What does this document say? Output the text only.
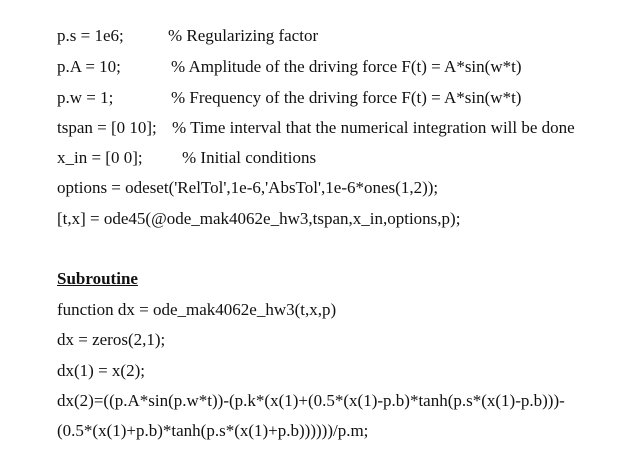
p.s = 1e6;	% Regularizing factor
p.A = 10;	% Amplitude of the driving force F(t) = A*sin(w*t)
p.w = 1;	% Frequency of the driving force F(t) = A*sin(w*t)
tspan = [0 10]; % Time interval that the numerical integration will be done
x_in = [0 0]; % Initial conditions
options = odeset('RelTol',1e-6,'AbsTol',1e-6*ones(1,2));
[t,x] = ode45(@ode_mak4062e_hw3,tspan,x_in,options,p);
Subroutine
function dx = ode_mak4062e_hw3(t,x,p)
dx = zeros(2,1);
dx(1) = x(2);
dx(2)=((p.A*sin(p.w*t))-(p.k*(x(1)+(0.5*(x(1)-p.b)*tanh(p.s*(x(1)-p.b)))-
(0.5*(x(1)+p.b)*tanh(p.s*(x(1)+p.b))))))/p.m;
